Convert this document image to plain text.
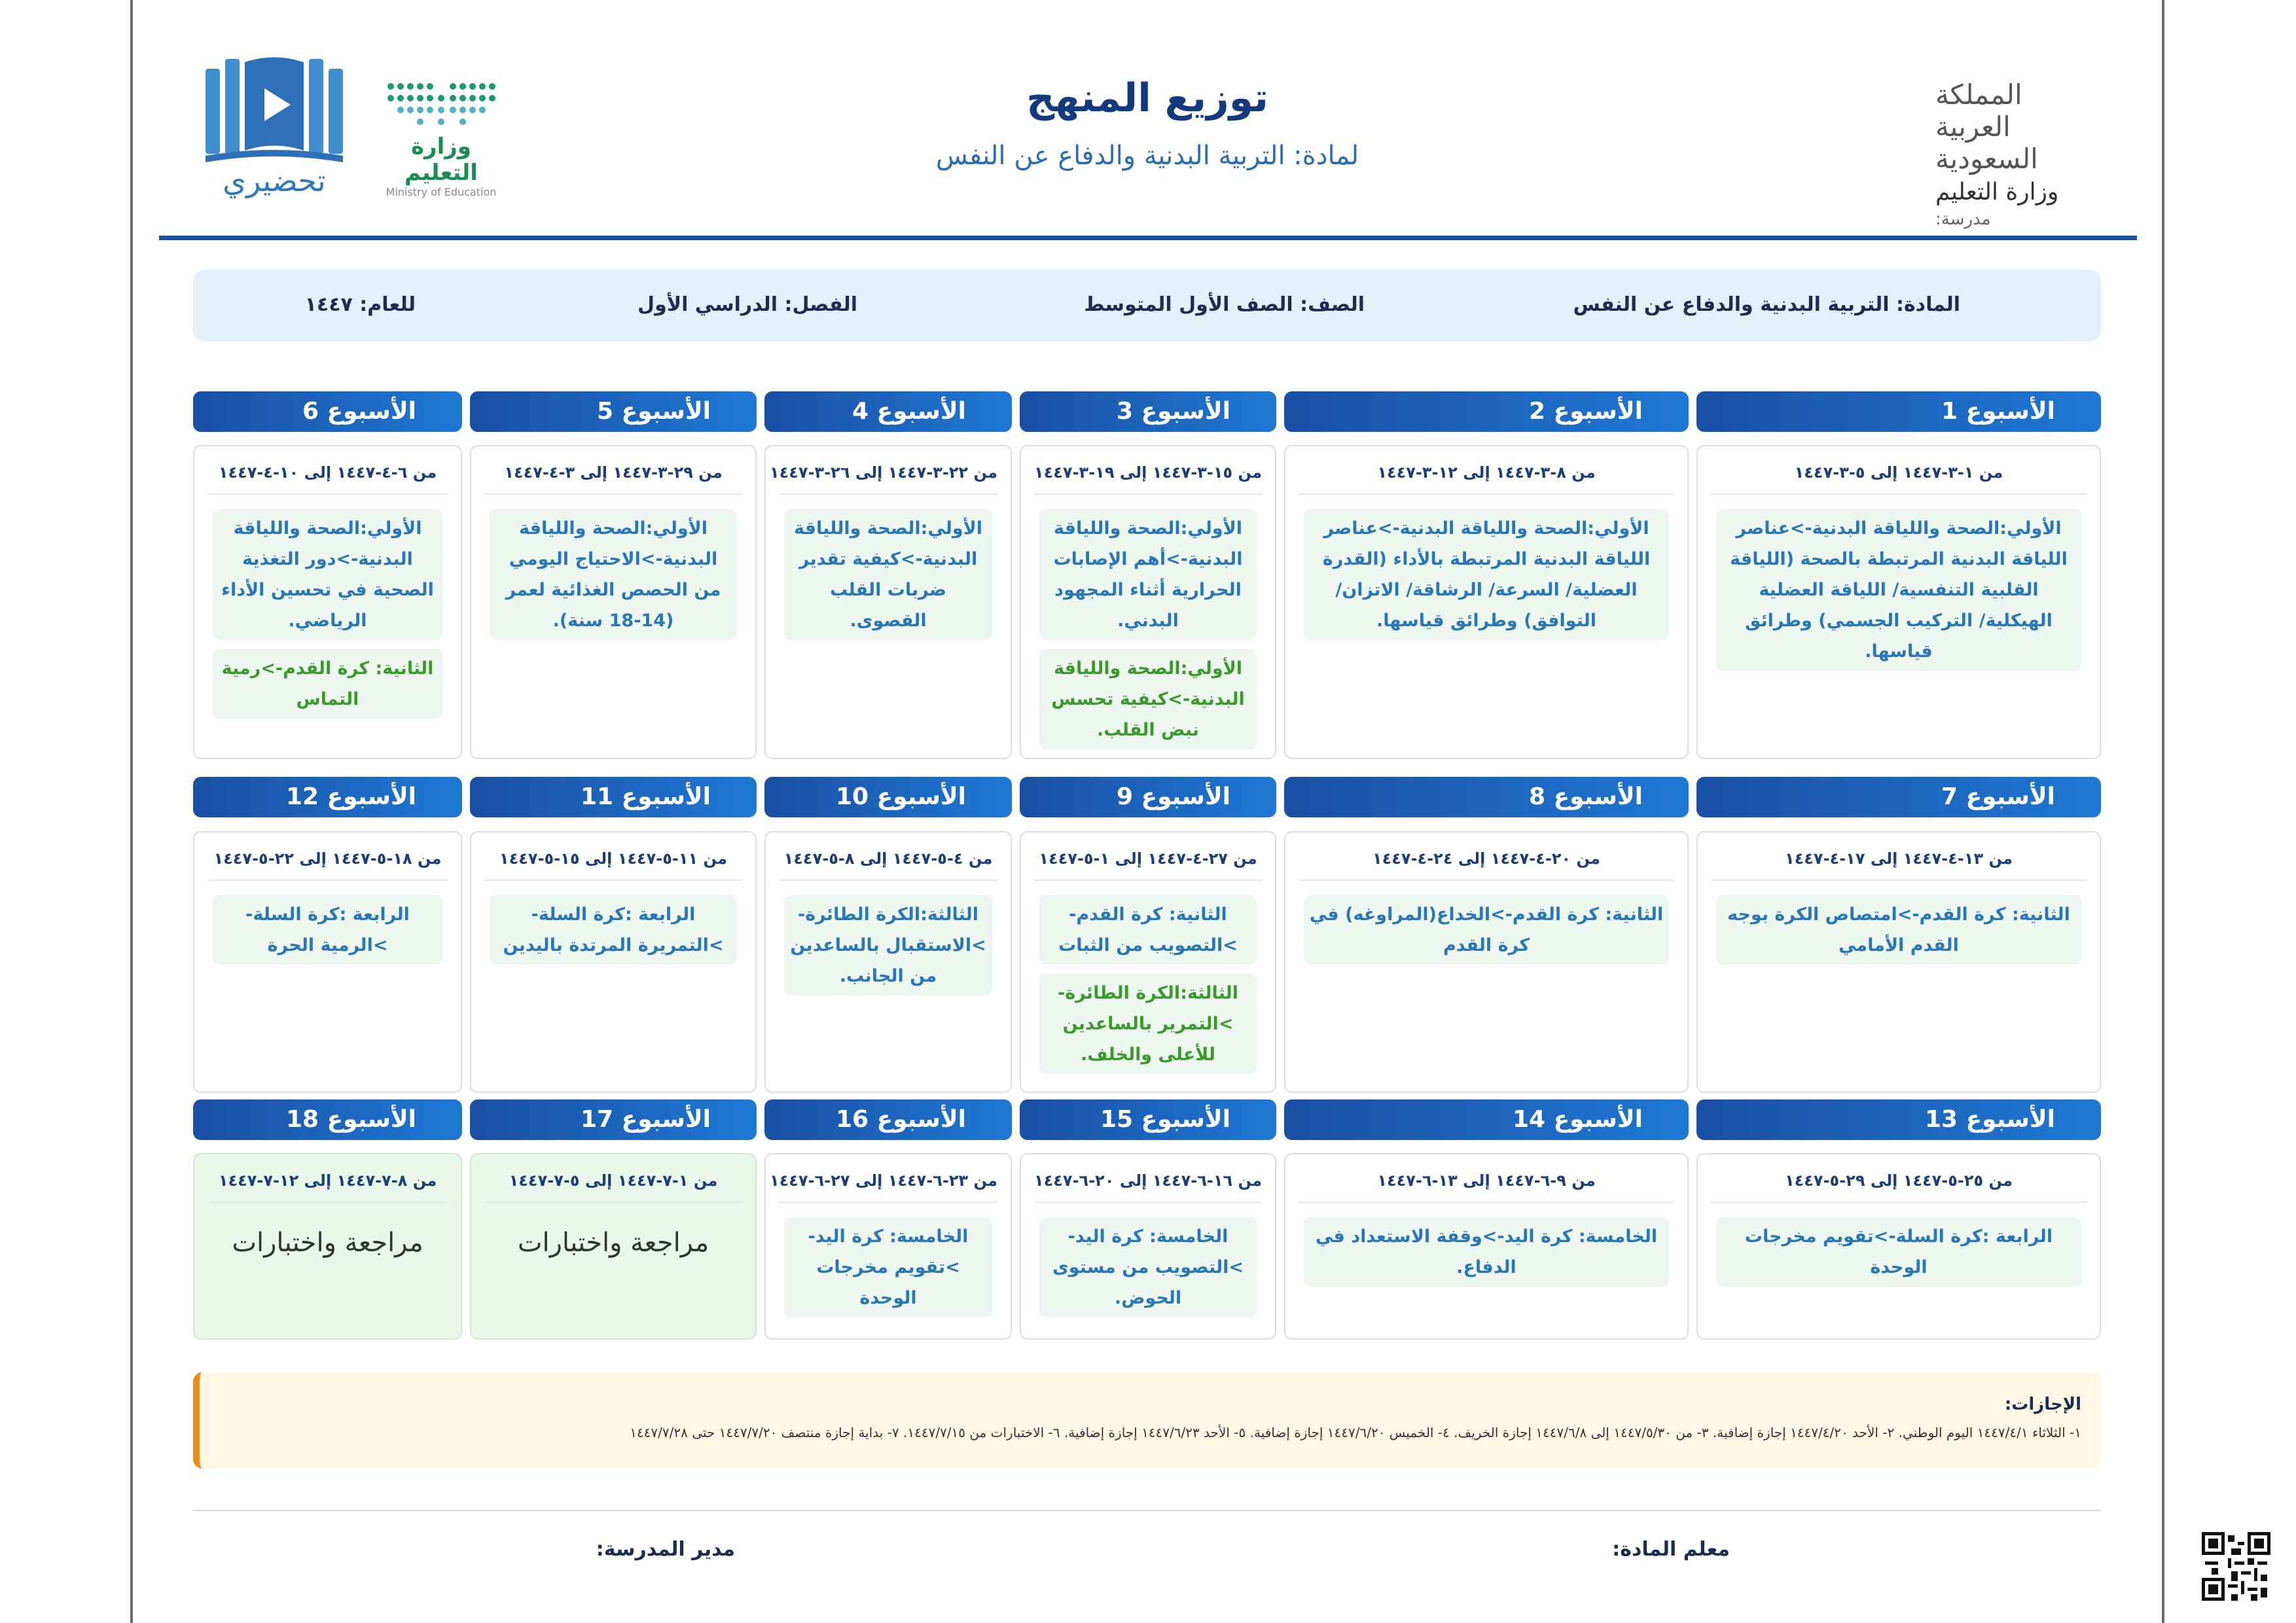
توزيع المنهج
لمادة: التربية البدنية والدفاع عن النفس
المملكة العربية السعودية
وزارة التعليم
مدرسة:
وزارة التعليم
Ministry of Education
تحضيري
المادة: التربية البدنية والدفاع عن النفس
الصف: الصف الأول المتوسط
الفصل: الدراسي الأول
للعام: ١٤٤٧
الأسبوع 1
من ١-٣-١٤٤٧ إلى ٥-٣-١٤٤٧
الأولي:الصحة واللياقة البدنية->عناصر اللياقة البدنية المرتبطة بالصحة (اللياقة القلبية التنفسية/ اللياقة العضلية الهيكلية/ التركيب الجسمي) وطرائق قياسها.
الأسبوع 2
من ٨-٣-١٤٤٧ إلى ١٢-٣-١٤٤٧
الأولي:الصحة واللياقة البدنية->عناصر اللياقة البدنية المرتبطة بالأداء (القدرة العضلية/ السرعة/ الرشاقة/ الاتزان/ التوافق) وطرائق قياسها.
الأسبوع 3
من ١٥-٣-١٤٤٧ إلى ١٩-٣-١٤٤٧
الأولي:الصحة واللياقة البدنية->أهم الإصابات الحرارية أثناء المجهود البدني.
الأولي:الصحة واللياقة البدنية->كيفية تحسس نبض القلب.
الأسبوع 4
من ٢٢-٣-١٤٤٧ إلى ٢٦-٣-١٤٤٧
الأولي:الصحة واللياقة البدنية->كيفية تقدير ضربات القلب القصوى.
الأسبوع 5
من ٢٩-٣-١٤٤٧ إلى ٣-٤-١٤٤٧
الأولي:الصحة واللياقة البدنية->الاحتياج اليومي من الحصص الغذائية لعمر (14-18 سنة).
الأسبوع 6
من ٦-٤-١٤٤٧ إلى ١٠-٤-١٤٤٧
الأولي:الصحة واللياقة البدنية->دور التغذية الصحية في تحسين الأداء الرياضي.
الثانية: كرة القدم->رمية التماس
الأسبوع 7
من ١٣-٤-١٤٤٧ إلى ١٧-٤-١٤٤٧
الثانية: كرة القدم->امتصاص الكرة بوجه القدم الأمامي
الأسبوع 8
من ٢٠-٤-١٤٤٧ إلى ٢٤-٤-١٤٤٧
الثانية: كرة القدم->الخداع(المراوغه) في كرة القدم
الأسبوع 9
من ٢٧-٤-١٤٤٧ إلى ١-٥-١٤٤٧
الثانية: كرة القدم->التصويب من الثبات
الثالثة:الكرة الطائرة->التمرير بالساعدين للأعلى والخلف.
الأسبوع 10
من ٤-٥-١٤٤٧ إلى ٨-٥-١٤٤٧
الثالثة:الكرة الطائرة->الاستقبال بالساعدين من الجانب.
الأسبوع 11
من ١١-٥-١٤٤٧ إلى ١٥-٥-١٤٤٧
الرابعة :كرة السلة->التمريرة المرتدة باليدين
الأسبوع 12
من ١٨-٥-١٤٤٧ إلى ٢٢-٥-١٤٤٧
الرابعة :كرة السلة->الرمية الحرة
الأسبوع 13
من ٢٥-٥-١٤٤٧ إلى ٢٩-٥-١٤٤٧
الرابعة :كرة السلة->تقويم مخرجات الوحدة
الأسبوع 14
من ٩-٦-١٤٤٧ إلى ١٣-٦-١٤٤٧
الخامسة: كرة اليد->وقفة الاستعداد في الدفاع.
الأسبوع 15
من ١٦-٦-١٤٤٧ إلى ٢٠-٦-١٤٤٧
الخامسة: كرة اليد->التصويب من مستوى الحوض.
الأسبوع 16
من ٢٣-٦-١٤٤٧ إلى ٢٧-٦-١٤٤٧
الخامسة: كرة اليد->تقويم مخرجات الوحدة
الأسبوع 17
من ١-٧-١٤٤٧ إلى ٥-٧-١٤٤٧
مراجعة واختبارات
الأسبوع 18
من ٨-٧-١٤٤٧ إلى ١٢-٧-١٤٤٧
مراجعة واختبارات
الإجازات:
١- الثلاثاء ١٤٤٧/٤/١ اليوم الوطني. ٢- الأحد ١٤٤٧/٤/٢٠ إجازة إضافية. ٣- من ١٤٤٧/٥/٣٠ إلى ١٤٤٧/٦/٨ إجازة الخريف. ٤- الخميس ١٤٤٧/٦/٢٠ إجازة إضافية. ٥- الأحد ١٤٤٧/٦/٢٣ إجازة إضافية. ٦- الاختبارات من ١٤٤٧/٧/١٥. ٧- بداية إجازة منتصف ١٤٤٧/٧/٢٠ حتى ١٤٤٧/٧/٢٨
معلم المادة:
مدير المدرسة:
